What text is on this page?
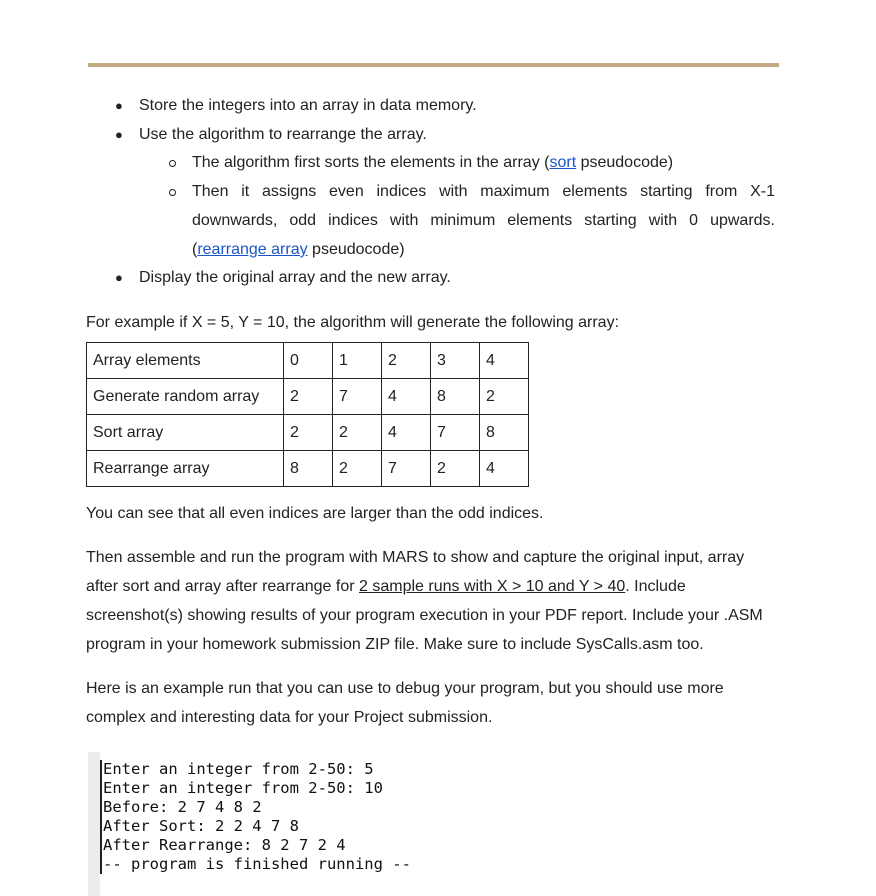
● Store the integers into an array in data memory.
● Use the algorithm to rearrange the array.
The algorithm first sorts the elements in the array (sort pseudocode)
Then it assigns even indices with maximum elements starting from X-1
downwards, odd indices with minimum elements starting with 0 upwards.
(rearrange array pseudocode)
● Display the original array and the new array.
For example if X = 5, Y = 10, the algorithm will generate the following array:
Array elements	0	1	2	3	4
Generate random array	2	7	4	8	2
Sort array	2	2	4	7	8
Rearrange array	8	2	7	2	4
You can see that all even indices are larger than the odd indices.
Then assemble and run the program with MARS to show and capture the original input, array
after sort and array after rearrange for 2 sample runs with X > 10 and Y > 40. Include
screenshot(s) showing results of your program execution in your PDF report. Include your .ASM
program in your homework submission ZIP file. Make sure to include SysCalls.asm too.
Here is an example run that you can use to debug your program, but you should use more
complex and interesting data for your Project submission.
Enter an integer from 2-50: 5
Enter an integer from 2-50: 10
Before: 2 7 4 8 2
After Sort: 2 2 4 7 8
After Rearrange: 8 2 7 2 4
-- program is finished running --
